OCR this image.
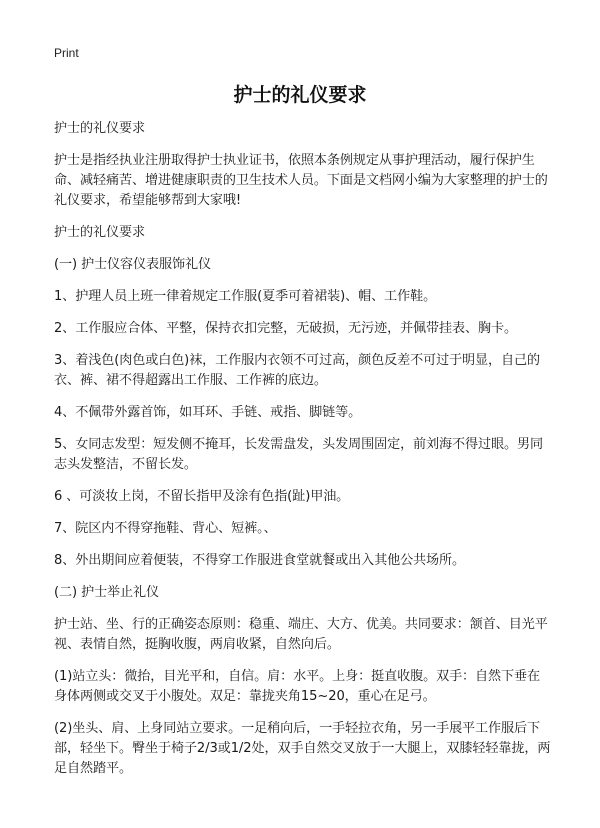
Print
护士的礼仪要求

护士的礼仪要求

护士是指经执业注册取得护士执业证书，依照本条例规定从事护理活动，履行保护生命、减轻痛苦、增进健康职责的卫生技术人员。下面是文档网小编为大家整理的护士的礼仪要求，希望能够帮到大家哦!

护士的礼仪要求

(一) 护士仪容仪表服饰礼仪

1、护理人员上班一律着规定工作服(夏季可着裙装)、帽、工作鞋。

2、工作服应合体、平整，保持衣扣完整，无破损，无污迹，并佩带挂表、胸卡。

3、着浅色(肉色或白色)袜，工作服内衣领不可过高，颜色反差不可过于明显，自己的衣、裤、裙不得超露出工作服、工作裤的底边。

4、不佩带外露首饰，如耳环、手链、戒指、脚链等。

5、女同志发型：短发侧不掩耳，长发需盘发，头发周围固定，前刘海不得过眼。男同志头发整洁，不留长发。

6 、可淡妆上岗，不留长指甲及涂有色指(趾)甲油。

7、院区内不得穿拖鞋、背心、短裤。、

8、外出期间应着便装，不得穿工作服进食堂就餐或出入其他公共场所。

(二) 护士举止礼仪

护士站、坐、行的正确姿态原则：稳重、端庄、大方、优美。共同要求：颔首、目光平视、表情自然，挺胸收腹，两肩收紧，自然向后。

(1)站立头：微抬，目光平和，自信。肩：水平。上身：挺直收腹。双手：自然下垂在身体两侧或交叉于小腹处。双足：靠拢夹角15~20，重心在足弓。

(2)坐头、肩、上身同站立要求。一足稍向后，一手轻拉衣角，另一手展平工作服后下部，轻坐下。臀坐于椅子2/3或1/2处，双手自然交叉放于一大腿上，双膝轻轻靠拢，两足自然踏平。
